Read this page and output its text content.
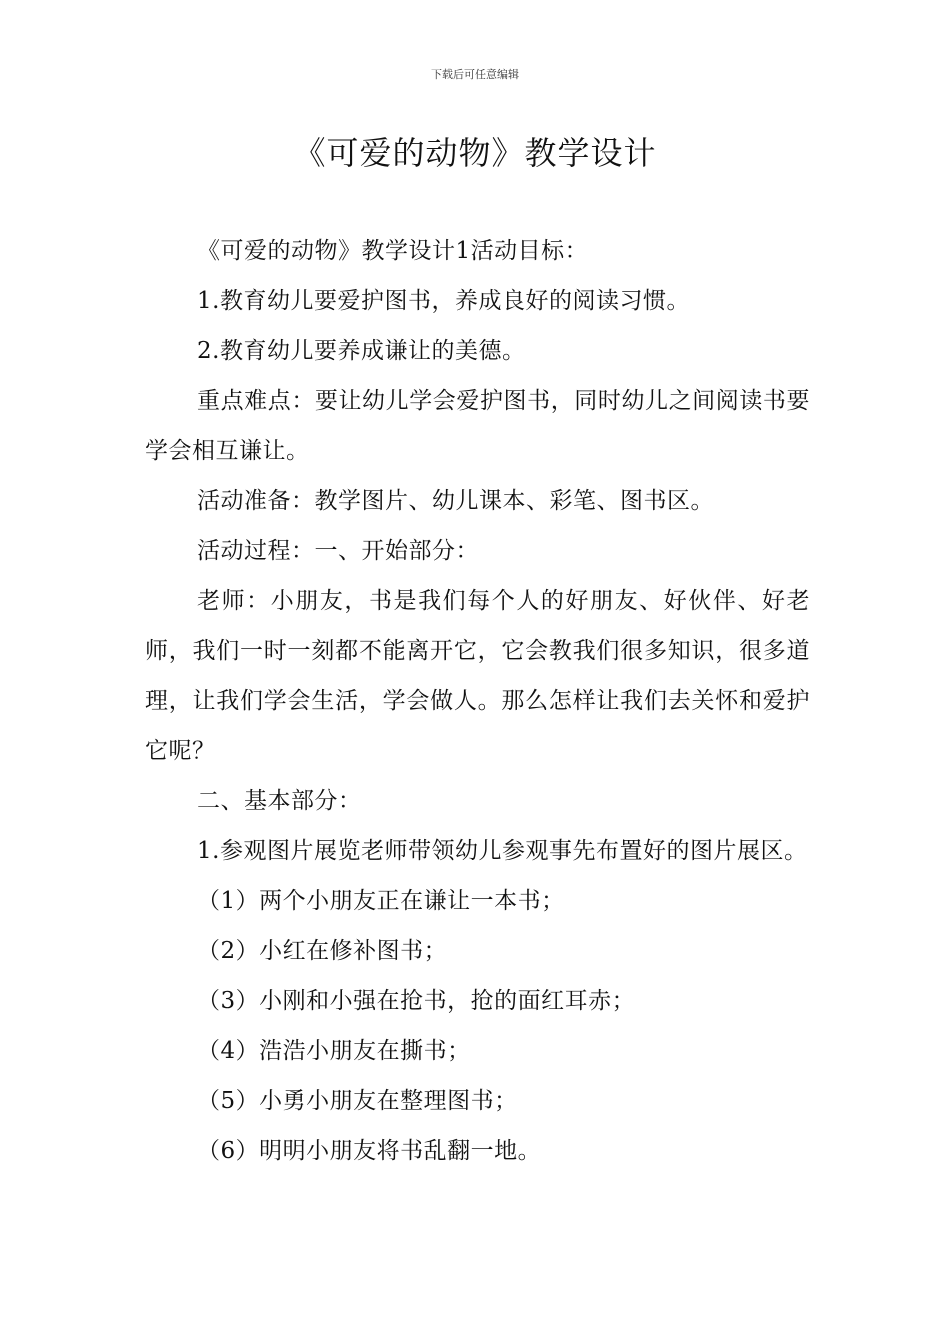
下载后可任意编辑
《可爱的动物》教学设计

《可爱的动物》教学设计1活动目标：

1.教育幼儿要爱护图书，养成良好的阅读习惯。

2.教育幼儿要养成谦让的美德。

重点难点：要让幼儿学会爱护图书，同时幼儿之间阅读书要学会相互谦让。

活动准备：教学图片、幼儿课本、彩笔、图书区。

活动过程：一、开始部分：

老师：小朋友，书是我们每个人的好朋友、好伙伴、好老师，我们一时一刻都不能离开它，它会教我们很多知识，很多道理，让我们学会生活，学会做人。那么怎样让我们去关怀和爱护它呢？

二、基本部分：

1.参观图片展览老师带领幼儿参观事先布置好的图片展区。

（1）两个小朋友正在谦让一本书；

（2）小红在修补图书；

（3）小刚和小强在抢书，抢的面红耳赤；

（4）浩浩小朋友在撕书；

（5）小勇小朋友在整理图书；

（6）明明小朋友将书乱翻一地。
